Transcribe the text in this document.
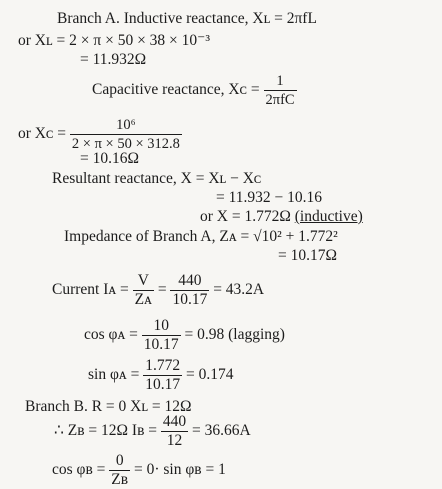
Branch A. Inductive reactance, Xʟ = 2πfL
or Xʟ = 2 × π × 50 × 38 × 10⁻³
= 11.932Ω
Capacitive reactance, Xᴄ = $\frac{1}{\text{2πfC}}$
or Xᴄ = $\frac{\text{10⁶}}{2 \times \pi \times 50 \times 312.8}$
= 10.16Ω
Resultant reactance, X = Xʟ − Xᴄ
= 11.932 − 10.16
or X = 1.772Ω (inductive)
Impedance of Branch A, Zᴀ = √10² + 1.772²
= 10.17Ω
Current Iᴀ = $\frac{V}{\text{Zᴀ}} = \frac{440}{10.17} = 43.2A$
cos φᴀ = $\frac{10}{10.17} = 0.98$ (lagging)
sin φᴀ = $\frac{1.772}{10.17} = 0.174$
Branch B. R = 0 Xʟ = 12Ω
∴ Zʙ = 12Ω Iʙ = $\frac{440}{12} = 36.66A$
cos φʙ = $\frac{0}{\text{Zʙ}} = 0\cdot \sin$ φʙ = 1
